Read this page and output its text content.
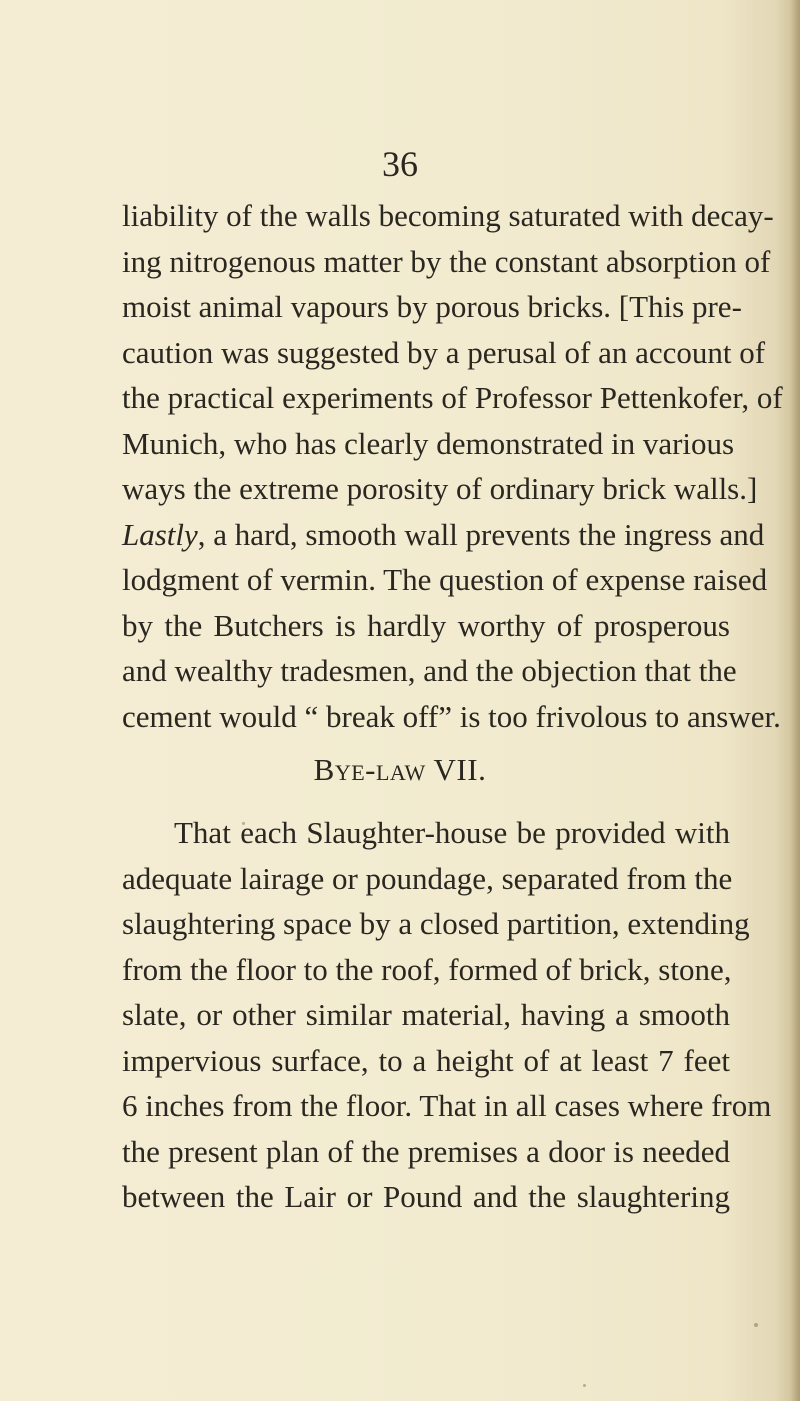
36
liability of the walls becoming saturated with decay-
ing nitrogenous matter by the constant absorption of
moist animal vapours by porous bricks. [This pre-
caution was suggested by a perusal of an account of
the practical experiments of Professor Pettenkofer, of
Munich, who has clearly demonstrated in various
ways the extreme porosity of ordinary brick walls.]
Lastly, a hard, smooth wall prevents the ingress and
lodgment of vermin. The question of expense raised
by the Butchers is hardly worthy of prosperous
and wealthy tradesmen, and the objection that the
Bye-law VII.
That each Slaughter-house be provided with
adequate lairage or poundage, separated from the
slaughtering space by a closed partition, extending
from the floor to the roof, formed of brick, stone,
slate, or other similar material, having a smooth
impervious surface, to a height of at least 7 feet
6 inches from the floor. That in all cases where from
the present plan of the premises a door is needed
between the Lair or Pound and the slaughtering
cement would “ break off” is too frivolous to answer.
